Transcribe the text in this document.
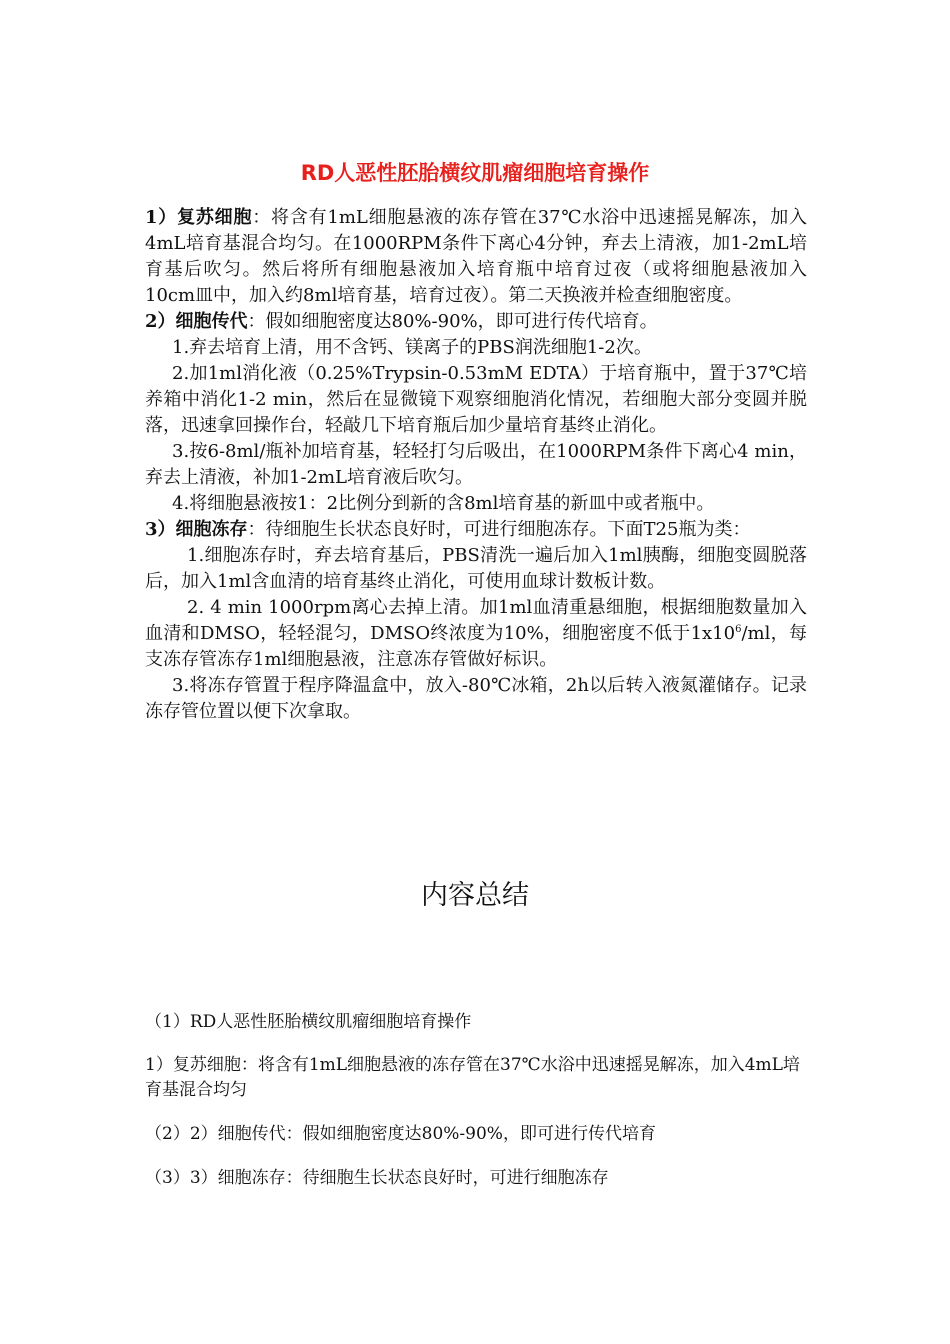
RD人恶性胚胎横纹肌瘤细胞培育操作

1）复苏细胞：将含有1mL细胞悬液的冻存管在37℃水浴中迅速摇晃解冻，加入4mL培育基混合均匀。在1000RPM条件下离心4分钟，弃去上清液，加1-2mL培育基后吹匀。然后将所有细胞悬液加入培育瓶中培育过夜（或将细胞悬液加入10cm皿中，加入约8ml培育基，培育过夜）。第二天换液并检查细胞密度。

2）细胞传代：假如细胞密度达80%-90%，即可进行传代培育。

1.弃去培育上清，用不含钙、镁离子的PBS润洗细胞1-2次。

2.加1ml消化液（0.25%Trypsin-0.53mM EDTA）于培育瓶中，置于37℃培养箱中消化1-2 min，然后在显微镜下观察细胞消化情况，若细胞大部分变圆并脱落，迅速拿回操作台，轻敲几下培育瓶后加少量培育基终止消化。

3.按6-8ml/瓶补加培育基，轻轻打匀后吸出，在1000RPM条件下离心4 min，弃去上清液，补加1-2mL培育液后吹匀。

4.将细胞悬液按1：2比例分到新的含8ml培育基的新皿中或者瓶中。

3）细胞冻存：待细胞生长状态良好时，可进行细胞冻存。下面T25瓶为类：

1.细胞冻存时，弃去培育基后，PBS清洗一遍后加入1ml胰酶，细胞变圆脱落后，加入1ml含血清的培育基终止消化，可使用血球计数板计数。

2. 4 min 1000rpm离心去掉上清。加1ml血清重悬细胞，根据细胞数量加入血清和DMSO，轻轻混匀，DMSO终浓度为10%，细胞密度不低于$1x10^6/ml$，每支冻存管冻存1ml细胞悬液，注意冻存管做好标识。

3.将冻存管置于程序降温盒中，放入-80℃冰箱，2h以后转入液氮灌储存。记录冻存管位置以便下次拿取。

内容总结
（1）RD人恶性胚胎横纹肌瘤细胞培育操作
1）复苏细胞：将含有1mL细胞悬液的冻存管在37℃水浴中迅速摇晃解冻，加入4mL培育基混合均匀
（2）2）细胞传代：假如细胞密度达80%-90%，即可进行传代培育
（3）3）细胞冻存：待细胞生长状态良好时，可进行细胞冻存
